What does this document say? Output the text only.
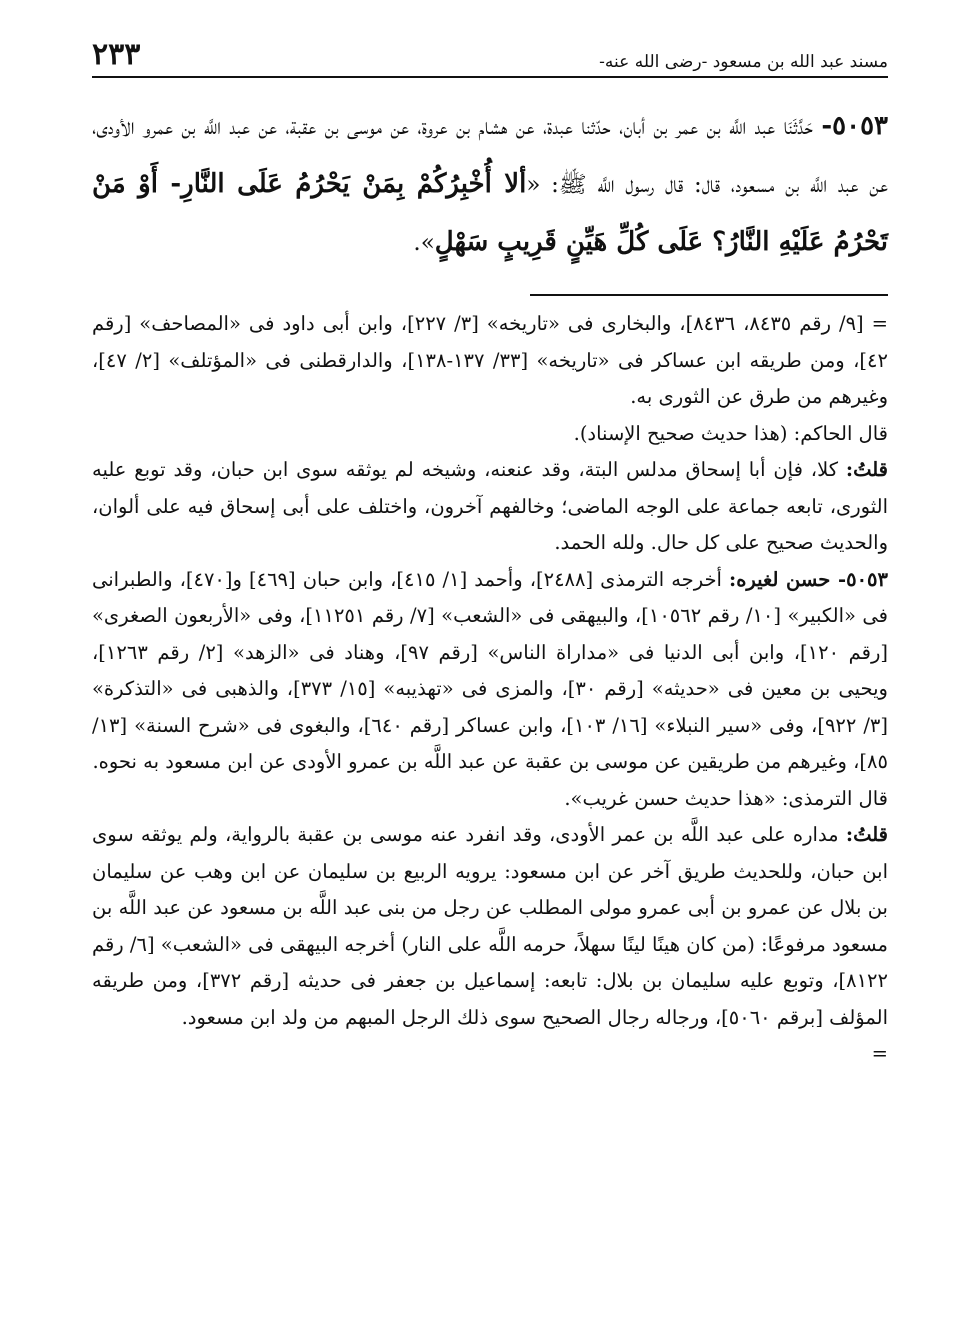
مسند عبد الله بن مسعود -رضى الله عنه-
٢٣٣
٥٠٥٣- حَدَّثَنَا عبد اللَّه بن عمر بن أبان، حدّثنا عبدة، عن هشام بن عروة، عن موسى بن عقبة، عن عبد اللَّه بن عمرو الأودى، عن عبد اللَّه بن مسعود، قال: قال رسول اللَّه ﷺ: «ألا أُخْبِرُكُمْ بِمَنْ يَحْرُمُ عَلَى النَّارِ- أَوْ مَنْ تَحْرُمُ عَلَيْهِ النَّارُ؟ عَلَى كُلِّ هَيِّنٍ قَرِيبٍ سَهْلٍ».

= [٩/ رقم ٨٤٣٥، ٨٤٣٦]، والبخارى فى «تاريخه» [٣/ ٢٢٧]، وابن أبى داود فى «المصاحف» [رقم ٤٢]، ومن طريقه ابن عساكر فى «تاريخه» [٣٣/ ١٣٧-١٣٨]، والدارقطنى فى «المؤتلف» [٢/ ٤٧]، وغيرهم من طرق عن الثورى به.

قال الحاكم: (هذا حديث صحيح الإسناد).

قلتُ: كلا، فإن أبا إسحاق مدلس البتة، وقد عنعنه، وشيخه لم يوثقه سوى ابن حبان، وقد توبع عليه الثورى، تابعه جماعة على الوجه الماضى؛ وخالفهم آخرون، واختلف على أبى إسحاق فيه على ألوان، والحديث صحيح على كل حال. ولله الحمد.

٥٠٥٣- حسن لغيره: أخرجه الترمذى [٢٤٨٨]، وأحمد [١/ ٤١٥]، وابن حبان [٤٦٩] و[٤٧٠]، والطبرانى فى «الكبير» [١٠/ رقم ١٠٥٦٢]، والبيهقى فى «الشعب» [٧/ رقم ١١٢٥١]، وفى «الأربعون الصغرى» [رقم ١٢٠]، وابن أبى الدنيا فى «مداراة الناس» [رقم ٩٧]، وهناد فى «الزهد» [٢/ رقم ١٢٦٣]، ويحيى بن معين فى «حديثه» [رقم ٣٠]، والمزى فى «تهذيبه» [١٥/ ٣٧٣]، والذهبى فى «التذكرة» [٣/ ٩٢٢]، وفى «سير النبلاء» [١٦/ ١٠٣]، وابن عساكر [رقم ٦٤٠]، والبغوى فى «شرح السنة» [١٣/ ٨٥]، وغيرهم من طريقين عن موسى بن عقبة عن عبد اللَّه بن عمرو الأودى عن ابن مسعود به نحوه.

قال الترمذى: «هذا حديث حسن غريب».

قلتُ: مداره على عبد اللَّه بن عمر الأودى، وقد انفرد عنه موسى بن عقبة بالرواية، ولم يوثقه سوى ابن حبان، وللحديث طريق آخر عن ابن مسعود: يرويه الربيع بن سليمان عن ابن وهب عن سليمان بن بلال عن عمرو بن أبى عمرو مولى المطلب عن رجل من بنى عبد اللَّه بن مسعود عن عبد اللَّه بن مسعود مرفوعًا: (من كان هينًا لينًا سهلاً، حرمه اللَّه على النار) أخرجه البيهقى فى «الشعب» [٦/ رقم ٨١٢٢]، وتوبع عليه سليمان بن بلال: تابعه: إسماعيل بن جعفر فى حديثه [رقم ٣٧٢]، ومن طريقه المؤلف [برقم ٥٠٦٠]، ورجاله رجال الصحيح سوى ذلك الرجل المبهم من ولد ابن مسعود.

=
